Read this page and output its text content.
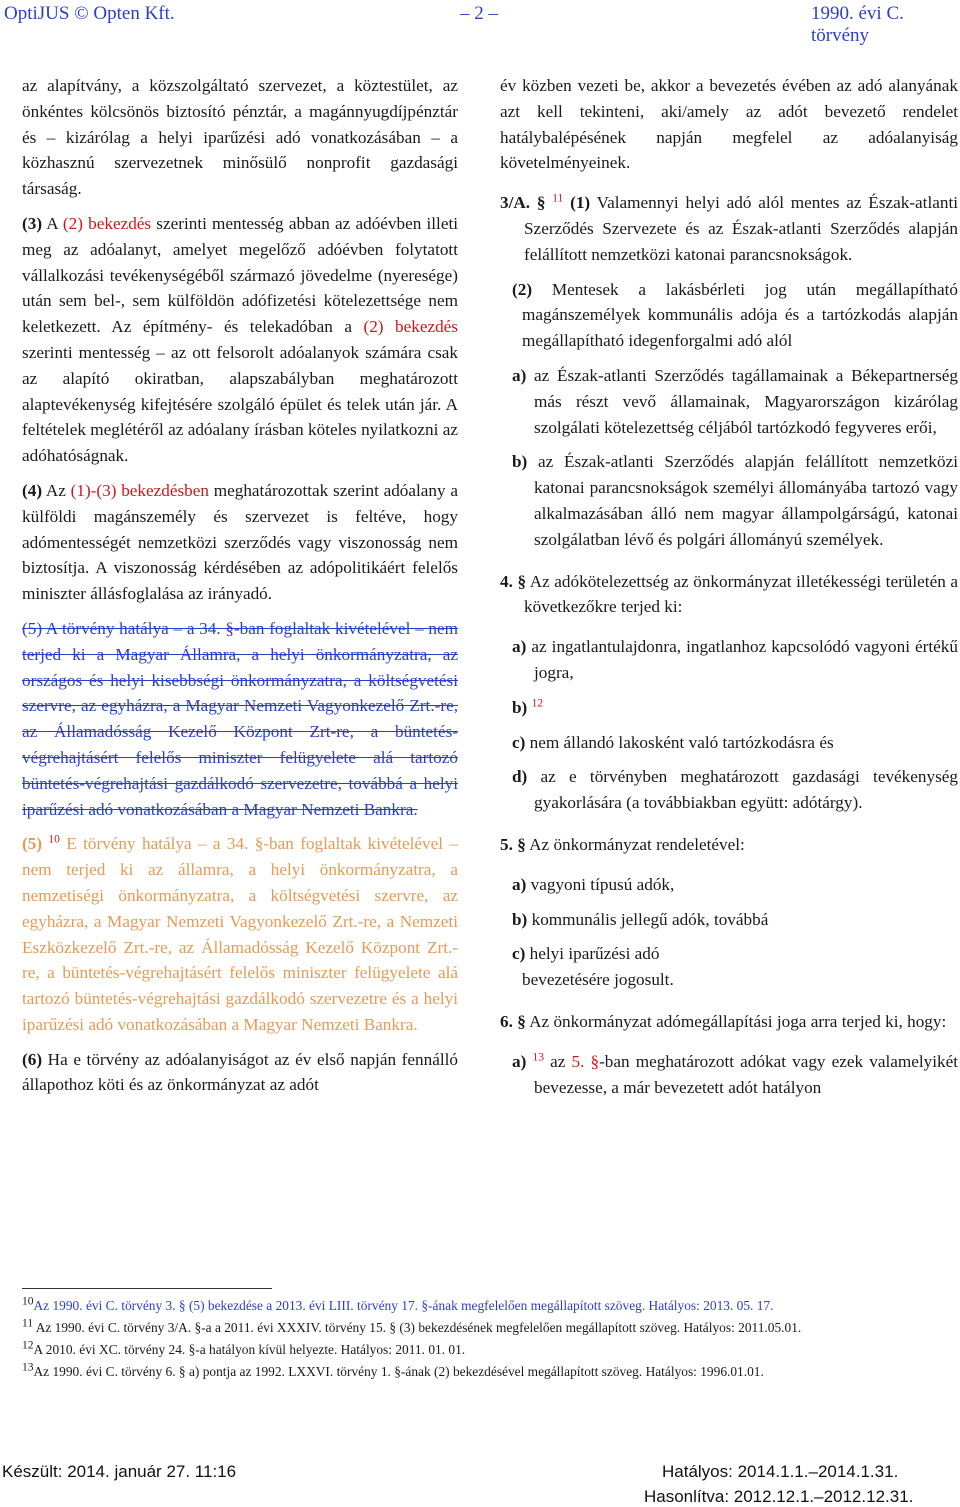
OptiJUS © Opten Kft.	– 2 –	1990. évi C. törvény

az alapítvány, a közszolgáltató szervezet, a köztestület, az önkéntes kölcsönös biztosító pénztár, a magánnyugdíjpénztár és – kizárólag a helyi iparűzési adó vonatkozásában – a közhasznú szervezetnek minősülő nonprofit gazdasági társaság.

(3) A (2) bekezdés szerinti mentesség abban az adóévben illeti meg az adóalanyt, amelyet megelőző adóévben folytatott vállalkozási tevékenységéből származó jövedelme (nyeresége) után sem bel-, sem külföldön adófizetési kötelezettsége nem keletkezett. Az építmény- és telekadóban a (2) bekezdés szerinti mentesség – az ott felsorolt adóalanyok számára csak az alapító okiratban, alapszabályban meghatározott alaptevékenység kifejtésére szolgáló épület és telek után jár. A feltételek meglétéről az adóalany írásban köteles nyilatkozni az adóhatóságnak.

(4) Az (1)-(3) bekezdésben meghatározottak szerint adóalany a külföldi magánszemély és szervezet is feltéve, hogy adómentességét nemzetközi szerződés vagy viszonosság nem biztosítja. A viszonosság kérdésében az adópolitikáért felelős miniszter állásfoglalása az irányadó.

(5) A törvény hatálya – a 34. §-ban foglaltak kivételével – nem terjed ki a Magyar Államra, a helyi önkormányzatra, az országos és helyi kisebbségi önkormányzatra, a költségvetési szervre, az egyházra, a Magyar Nemzeti Vagyonkezelő Zrt.-re, az Államadósság Kezelő Központ Zrt-re, a büntetés-végrehajtásért felelős miniszter felügyelete alá tartozó büntetés-végrehajtási gazdálkodó szervezetre, továbbá a helyi iparűzési adó vonatkozásában a Magyar Nemzeti Bankra.

(5) $^{10}$ E törvény hatálya – a 34. §-ban foglaltak kivételével – nem terjed ki az államra, a helyi önkormányzatra, a nemzetiségi önkormányzatra, a költségvetési szervre, az egyházra, a Magyar Nemzeti Vagyonkezelő Zrt.-re, a Nemzeti Eszközkezelő Zrt.-re, az Államadósság Kezelő Központ Zrt.-re, a büntetés-végrehajtásért felelős miniszter felügyelete alá tartozó büntetés-végrehajtási gazdálkodó szervezetre és a helyi iparűzési adó vonatkozásában a Magyar Nemzeti Bankra.

(6) Ha e törvény az adóalanyiságot az év első napján fennálló állapothoz köti és az önkormányzat az adót

év közben vezeti be, akkor a bevezetés évében az adó alanyának azt kell tekinteni, aki/amely az adót bevezető rendelet hatálybalépésének napján megfelel az adóalanyiság követelményeinek.

3/A. § $^{11}$ (1) Valamennyi helyi adó alól mentes az Észak-atlanti Szerződés Szervezete és az Észak-atlanti Szerződés alapján felállított nemzetközi katonai parancsnokságok.

(2) Mentesek a lakásbérleti jog után megállapítható magánszemélyek kommunális adója és a tartózkodás alapján megállapítható idegenforgalmi adó alól

a) az Észak-atlanti Szerződés tagállamainak a Békepartnerség más részt vevő államainak, Magyarországon kizárólag szolgálati kötelezettség céljából tartózkodó fegyveres erői,

b) az Észak-atlanti Szerződés alapján felállított nemzetközi katonai parancsnokságok személyi állományába tartozó vagy alkalmazásában álló nem magyar állampolgárságú, katonai szolgálatban lévő és polgári állományú személyek.

4. § Az adókötelezettség az önkormányzat illetékességi területén a következőkre terjed ki:

a) az ingatlantulajdonra, ingatlanhoz kapcsolódó vagyoni értékű jogra,

b) $^{12}$

c) nem állandó lakosként való tartózkodásra és

d) az e törvényben meghatározott gazdasági tevékenység gyakorlására (a továbbiakban együtt: adótárgy).

5. § Az önkormányzat rendeletével:

a) vagyoni típusú adók,

b) kommunális jellegű adók, továbbá

c) helyi iparűzési adó

bevezetésére jogosult.

6. § Az önkormányzat adómegállapítási joga arra terjed ki, hogy:

a) $^{13}$ az 5. §-ban meghatározott adókat vagy ezek valamelyikét bevezesse, a már bevezetett adót hatályon

10Az 1990. évi C. törvény 3. § (5) bekezdése a 2013. évi LIII. törvény 17. §-ának megfelelően megállapított szöveg. Hatályos: 2013. 05. 17.

11 Az 1990. évi C. törvény 3/A. §-a a 2011. évi XXXIV. törvény 15. § (3) bekezdésének megfelelően megállapított szöveg. Hatályos: 2011.05.01.

12A 2010. évi XC. törvény 24. §-a hatályon kívül helyezte. Hatályos: 2011. 01. 01.

13Az 1990. évi C. törvény 6. § a) pontja az 1992. LXXVI. törvény 1. §-ának (2) bekezdésével megállapított szöveg. Hatályos: 1996.01.01.

Készült: 2014. január 27. 11:16	Hatályos: 2014.1.1.–2014.1.31.
Hasonlítva: 2012.12.1.–2012.12.31.
